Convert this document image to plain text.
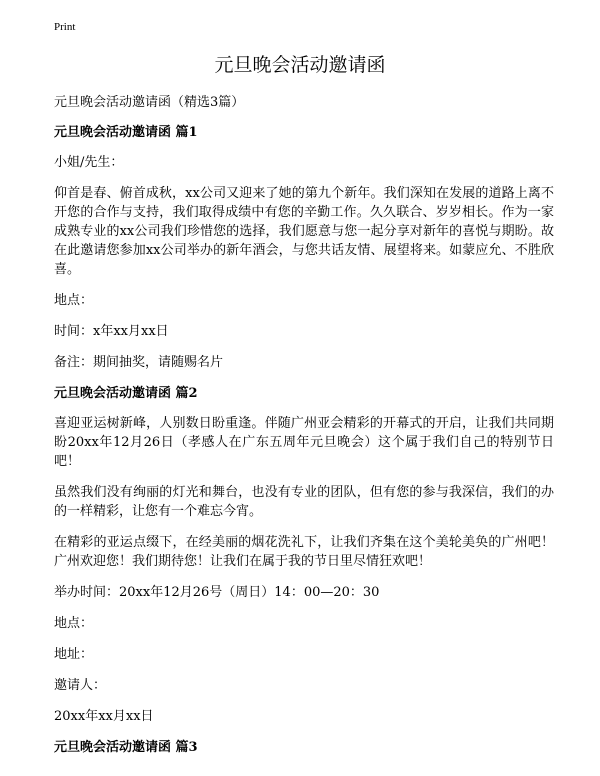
Print
元旦晚会活动邀请函

元旦晚会活动邀请函（精选3篇）

元旦晚会活动邀请函 篇1

小姐/先生：

仰首是春、俯首成秋，xx公司又迎来了她的第九个新年。我们深知在发展的道路上离不开您的合作与支持，我们取得成绩中有您的辛勤工作。久久联合、岁岁相长。作为一家成熟专业的xx公司我们珍惜您的选择，我们愿意与您一起分享对新年的喜悦与期盼。故在此邀请您参加xx公司举办的新年酒会，与您共话友情、展望将来。如蒙应允、不胜欣喜。

地点：

时间：x年xx月xx日

备注：期间抽奖，请随赐名片

元旦晚会活动邀请函 篇2

喜迎亚运树新峰，人别数日盼重逢。伴随广州亚会精彩的开幕式的开启，让我们共同期盼20xx年12月26日（孝感人在广东五周年元旦晚会）这个属于我们自己的特别节日吧！

虽然我们没有绚丽的灯光和舞台，也没有专业的团队，但有您的参与我深信，我们的办的一样精彩，让您有一个难忘今宵。

在精彩的亚运点缀下，在经美丽的烟花洗礼下，让我们齐集在这个美轮美奂的广州吧！广州欢迎您！我们期待您！让我们在属于我的节日里尽情狂欢吧！

举办时间：20xx年12月26号（周日）14：00—20：30

地点：

地址：

邀请人：

20xx年xx月xx日

元旦晚会活动邀请函 篇3
